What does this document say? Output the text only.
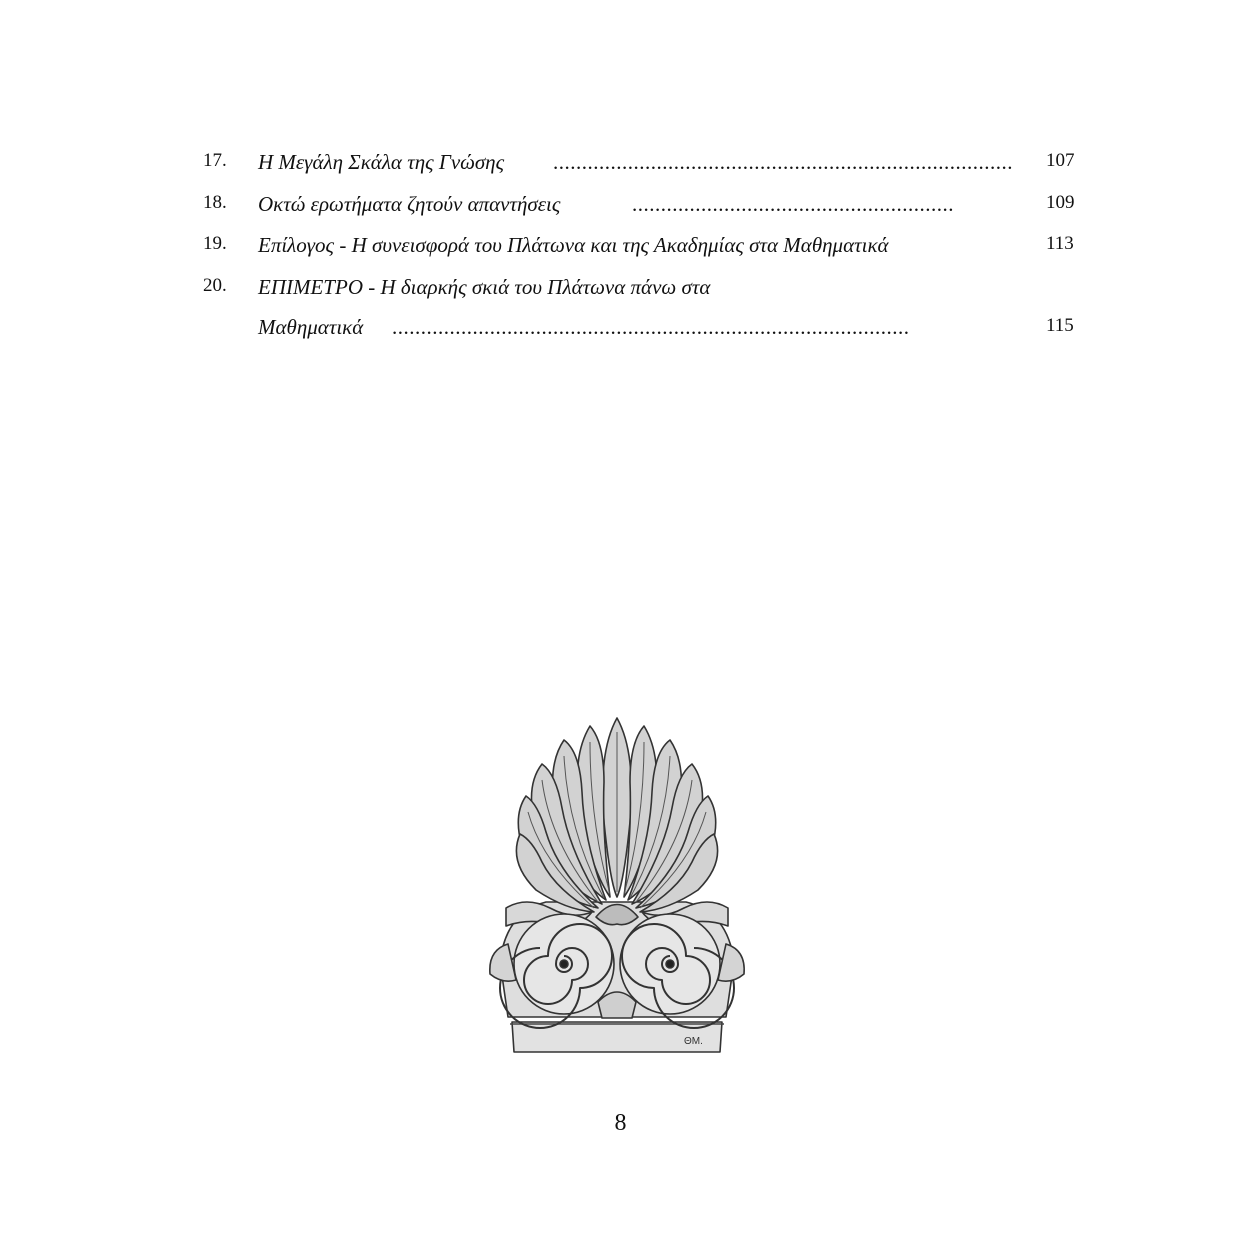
17. Η Μεγάλη Σκάλα της Γνώσης ................................................................................	107
18. Οκτώ ερωτήματα ζητούν απαντήσεις	........................................................	109
19. Επίλογος - Η συνεισφορά του Πλάτωνα και της Ακαδημίας στα Μαθηματικά	113
20. ΕΠΙΜΕΤΡΟ - Η διαρκής σκιά του Πλάτωνα πάνω στα
Μαθηματικά ..........................................................................................	115
ΘΜ.
8
